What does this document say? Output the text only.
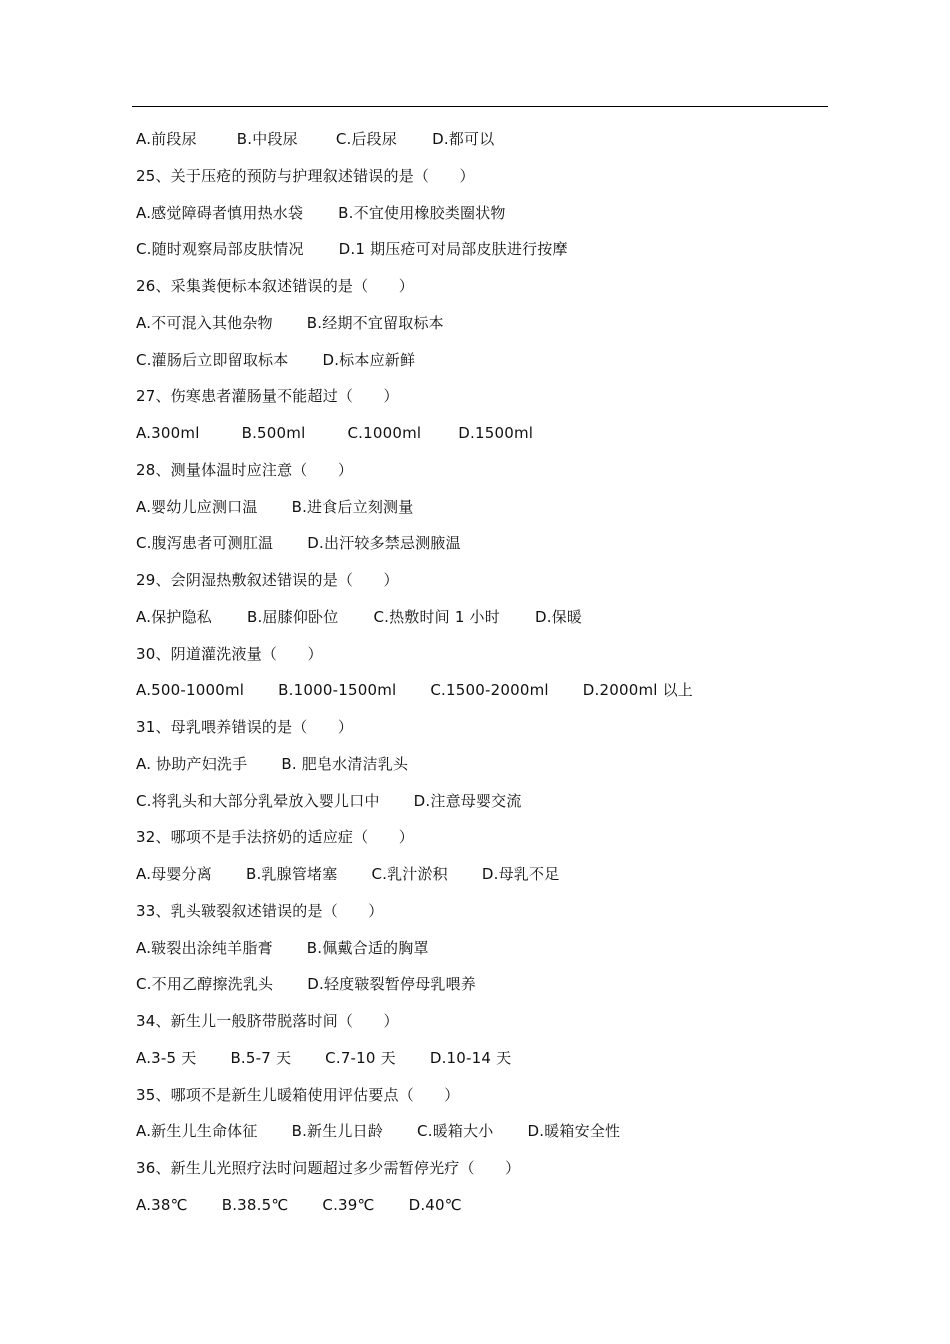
A.前段尿	B.中段尿	C.后段尿 D.都可以
25、关于压疮的预防与护理叙述错误的是（　　）
A.感觉障碍者慎用热水袋 B.不宜使用橡胶类圈状物
C.随时观察局部皮肤情况 D.1 期压疮可对局部皮肤进行按摩
26、采集粪便标本叙述错误的是（　　）
A.不可混入其他杂物 B.经期不宜留取标本
C.灌肠后立即留取标本 D.标本应新鲜
27、伤寒患者灌肠量不能超过（　　）
A.300ml	B.500ml	C.1000ml D.1500ml
28、测量体温时应注意（　　）
A.婴幼儿应测口温 B.进食后立刻测量
C.腹泻患者可测肛温 D.出汗较多禁忌测腋温
29、会阴湿热敷叙述错误的是（　　）
A.保护隐私 B.屈膝仰卧位 C.热敷时间 1 小时 D.保暖
30、阴道灌洗液量（　　）
A.500-1000ml B.1000-1500ml C.1500-2000ml D.2000ml 以上
31、母乳喂养错误的是（　　）
A. 协助产妇洗手 B. 肥皂水清洁乳头
C.将乳头和大部分乳晕放入婴儿口中 D.注意母婴交流
32、哪项不是手法挤奶的适应症（　　）
A.母婴分离 B.乳腺管堵塞 C.乳汁淤积 D.母乳不足
33、乳头皲裂叙述错误的是（　　）
A.皲裂出涂纯羊脂膏 B.佩戴合适的胸罩
C.不用乙醇擦洗乳头 D.轻度皲裂暂停母乳喂养
34、新生儿一般脐带脱落时间（　　）
A.3-5 天 B.5-7 天 C.7-10 天 D.10-14 天
35、哪项不是新生儿暖箱使用评估要点（　　）
A.新生儿生命体征 B.新生儿日龄 C.暖箱大小 D.暖箱安全性
36、新生儿光照疗法时问题超过多少需暂停光疗（　　）
A.38℃ B.38.5℃ C.39℃ D.40℃
